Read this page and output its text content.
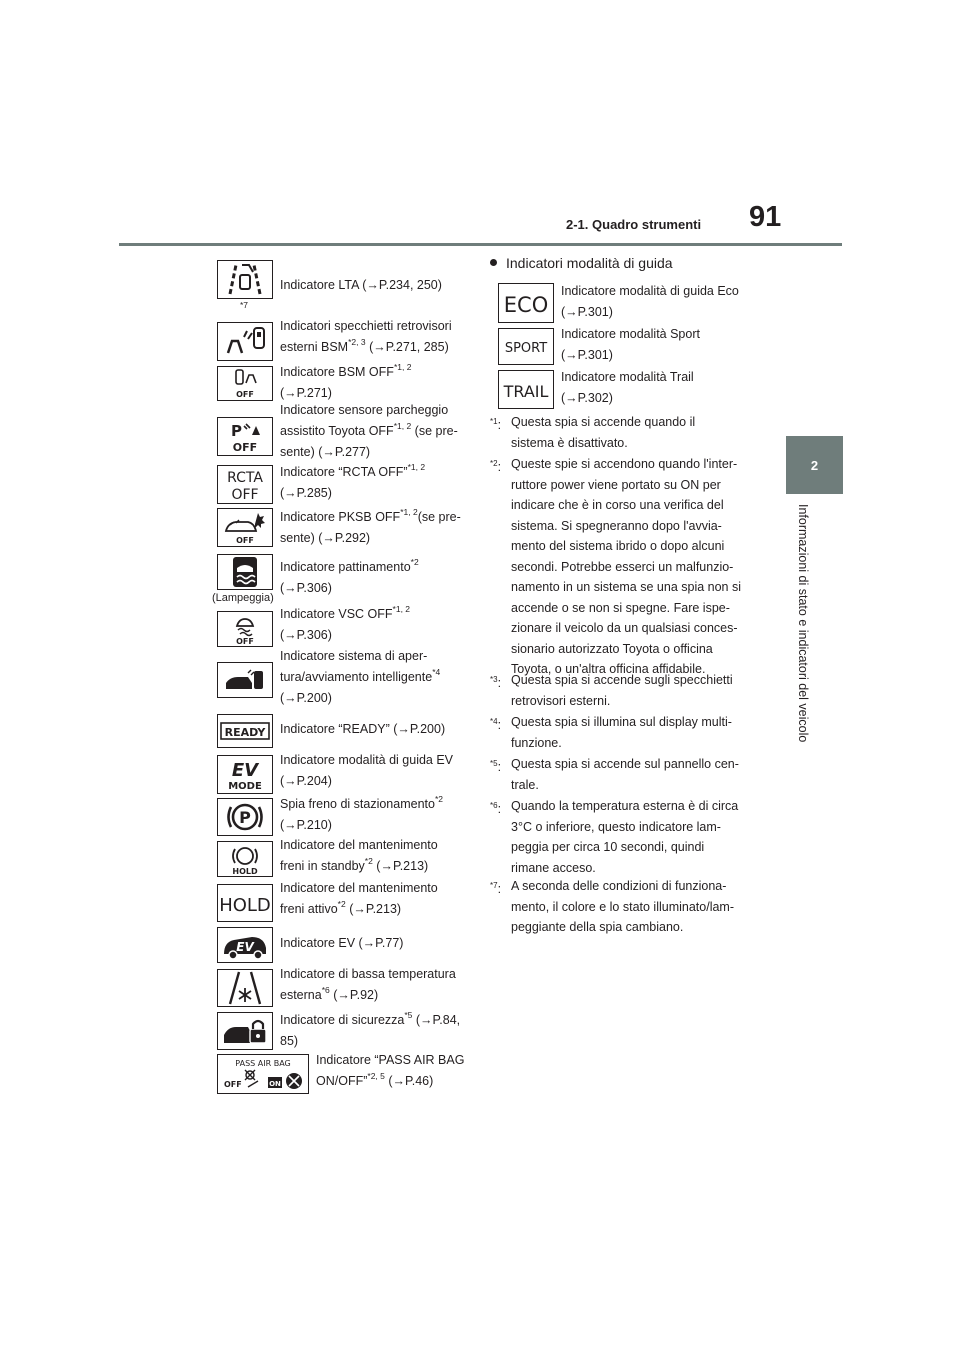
2-1. Quadro strumenti 91
2
Informazioni di stato e indicatori del veicolo
*7
Indicatore LTA (→P.234, 250)
Indicatori specchietti retrovisori
esterni BSM$^{*2, 3}$ (→P.271, 285)
OFF
Indicatore BSM OFF$^{*1, 2}$
(→P.271)
P
OFF
Indicatore sensore parcheggio
assistito Toyota OFF$^{*1, 2}$ (se pre-
sente) (→P.277)
RCTA
OFF
Indicatore “RCTA OFF”$^{*1, 2}$
(→P.285)
OFF
Indicatore PKSB OFF$^{*1, 2}$(se pre-
sente) (→P.292)
(Lampeggia)
Indicatore pattinamento$^{*2}$
(→P.306)
OFF
Indicatore VSC OFF$^{*1, 2}$
(→P.306)
Indicatore sistema di aper-
tura/avviamento intelligente$^{*4}$
(→P.200)
READY Indicatore “READY” (→P.200)
EV
MODE
Indicatore modalità di guida EV
(→P.204)
P
Spia freno di stazionamento$^{*2}$
(→P.210)
HOLD
Indicatore del mantenimento
freni in standby$^{*2}$ (→P.213)
HOLD
Indicatore del mantenimento
freni attivo$^{*2}$ (→P.213)
EV Indicatore EV (→P.77)
Indicatore di bassa temperatura
esterna$^{*6}$ (→P.92)
Indicatore di sicurezza$^{*5}$ (→P.84,
85)
PASS AIR BAG
OFF	ON
Indicatore “PASS AIR BAG
ON/OFF”$^{*2, 5}$ (→P.46)
Indicatori modalità di guida
ECO
Indicatore modalità di guida Eco
(→P.301)
SPORT
Indicatore modalità Sport
(→P.301)
TRAIL
Indicatore modalità Trail
(→P.302)
$^{*1}$: Questa spia si accende quando il
sistema è disattivato.
$^{*2}$: Queste spie si accendono quando l'inter-
ruttore power viene portato su ON per
indicare che è in corso una verifica del
sistema. Si spegneranno dopo l'avvia-
mento del sistema ibrido o dopo alcuni
secondi. Potrebbe esserci un malfunzio-
namento in un sistema se una spia non si
accende o se non si spegne. Fare ispe-
zionare il veicolo da un qualsiasi conces-
sionario autorizzato Toyota o officina
Toyota, o un'altra officina affidabile.
$^{*3}$: Questa spia si accende sugli specchietti
retrovisori esterni.
$^{*4}$: Questa spia si illumina sul display multi-
funzione.
$^{*5}$: Questa spia si accende sul pannello cen-
trale.
$^{*6}$: Quando la temperatura esterna è di circa
3°C o inferiore, questo indicatore lam-
peggia per circa 10 secondi, quindi
rimane acceso.
$^{*7}$: A seconda delle condizioni di funziona-
mento, il colore e lo stato illuminato/lam-
peggiante della spia cambiano.
